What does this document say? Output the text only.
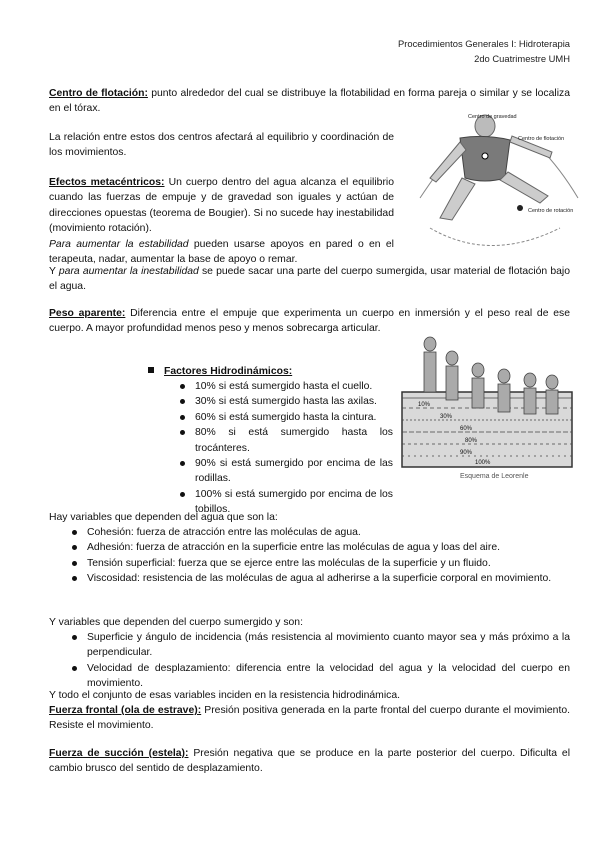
Procedimientos Generales I: Hidroterapia
2do Cuatrimestre UMH
Centro de flotación: punto alrededor del cual se distribuye la flotabilidad en forma pareja o similar y se localiza en el tórax.
La relación entre estos dos centros afectará al equilibrio y coordinación de los movimientos.
Efectos metacéntricos: Un cuerpo dentro del agua alcanza el equilibrio cuando las fuerzas de empuje y de gravedad son iguales y actúan de direcciones opuestas (teorema de Bougier). Si no sucede hay inestabilidad (movimiento rotación).
Para aumentar la estabilidad pueden usarse apoyos en pared o en el terapeuta, nadar, aumentar la base de apoyo o remar.
Y para aumentar la inestabilidad se puede sacar una parte del cuerpo sumergida, usar material de flotación bajo el agua.
Centro de gravedad
Centro de flotación
Centro de rotación
Peso aparente: Diferencia entre el empuje que experimenta un cuerpo en inmersión y el peso real de ese cuerpo. A mayor profundidad menos peso y menos sobrecarga articular.
Factores Hidrodinámicos:
10% si está sumergido hasta el cuello.
30% si está sumergido hasta las axilas.
60% si está sumergido hasta la cintura.
80% si está sumergido hasta los trocánteres.
90% si está sumergido por encima de las rodillas.
100% si está sumergido por encima de los tobillos.
10%
30%
60%
80%
90%
100%
Esquema de Leorenle
Hay variables que dependen del agua que son la:
Cohesión: fuerza de atracción entre las moléculas de agua.
Adhesión: fuerza de atracción en la superficie entre las moléculas de agua y loas del aire.
Tensión superficial: fuerza que se ejerce entre las moléculas de la superficie y un fluido.
Viscosidad: resistencia de las moléculas de agua al adherirse a la superficie corporal en movimiento.
Y variables que dependen del cuerpo sumergido y son:
Superficie y ángulo de incidencia (más resistencia al movimiento cuanto mayor sea y más próximo a la perpendicular.
Velocidad de desplazamiento: diferencia entre la velocidad del agua y la velocidad del cuerpo en movimiento.
Y todo el conjunto de esas variables inciden en la resistencia hidrodinámica.
Fuerza frontal (ola de estrave): Presión positiva generada en la parte frontal del cuerpo durante el movimiento. Resiste el movimiento.
Fuerza de succión (estela): Presión negativa que se produce en la parte posterior del cuerpo. Dificulta el cambio brusco del sentido de desplazamiento.
